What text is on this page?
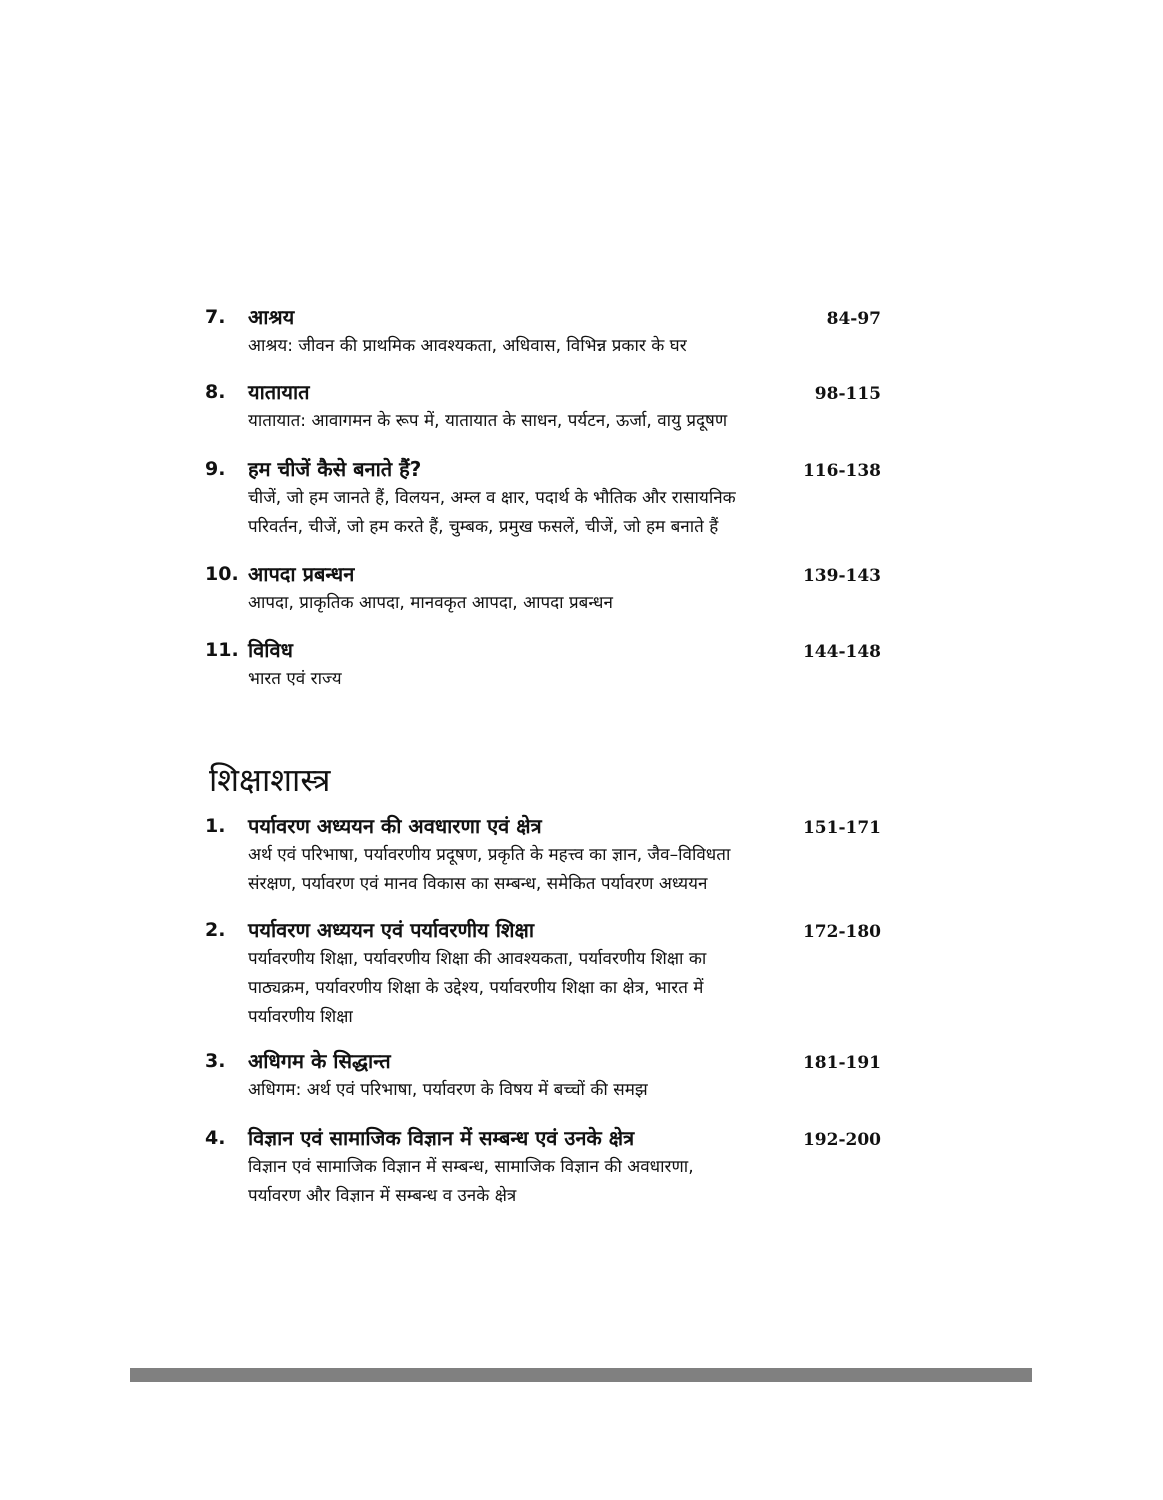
7. आश्रय	84-97
आश्रय: जीवन की प्राथमिक आवश्यकता, अधिवास, विभिन्न प्रकार के घर
8. यातायात	98-115
यातायात: आवागमन के रूप में, यातायात के साधन, पर्यटन, ऊर्जा, वायु प्रदूषण
9. हम चीजें कैसे बनाते हैं?	116-138
चीजें, जो हम जानते हैं, विलयन, अम्ल व क्षार, पदार्थ के भौतिक और रासायनिक
परिवर्तन, चीजें, जो हम करते हैं, चुम्बक, प्रमुख फसलें, चीजें, जो हम बनाते हैं
10. आपदा प्रबन्धन	139-143
आपदा, प्राकृतिक आपदा, मानवकृत आपदा, आपदा प्रबन्धन
11. विविध	144-148
भारत एवं राज्य
शिक्षाशास्त्र
1. पर्यावरण अध्ययन की अवधारणा एवं क्षेत्र	151-171
अर्थ एवं परिभाषा, पर्यावरणीय प्रदूषण, प्रकृति के महत्त्व का ज्ञान, जैव–विविधता
संरक्षण, पर्यावरण एवं मानव विकास का सम्बन्ध, समेकित पर्यावरण अध्ययन
2. पर्यावरण अध्ययन एवं पर्यावरणीय शिक्षा	172-180
पर्यावरणीय शिक्षा, पर्यावरणीय शिक्षा की आवश्यकता, पर्यावरणीय शिक्षा का
पाठ्यक्रम, पर्यावरणीय शिक्षा के उद्देश्य, पर्यावरणीय शिक्षा का क्षेत्र, भारत में
पर्यावरणीय शिक्षा
3. अधिगम के सिद्धान्त	181-191
अधिगम: अर्थ एवं परिभाषा, पर्यावरण के विषय में बच्चों की समझ
4. विज्ञान एवं सामाजिक विज्ञान में सम्बन्ध एवं उनके क्षेत्र	192-200
विज्ञान एवं सामाजिक विज्ञान में सम्बन्ध, सामाजिक विज्ञान की अवधारणा,
पर्यावरण और विज्ञान में सम्बन्ध व उनके क्षेत्र
